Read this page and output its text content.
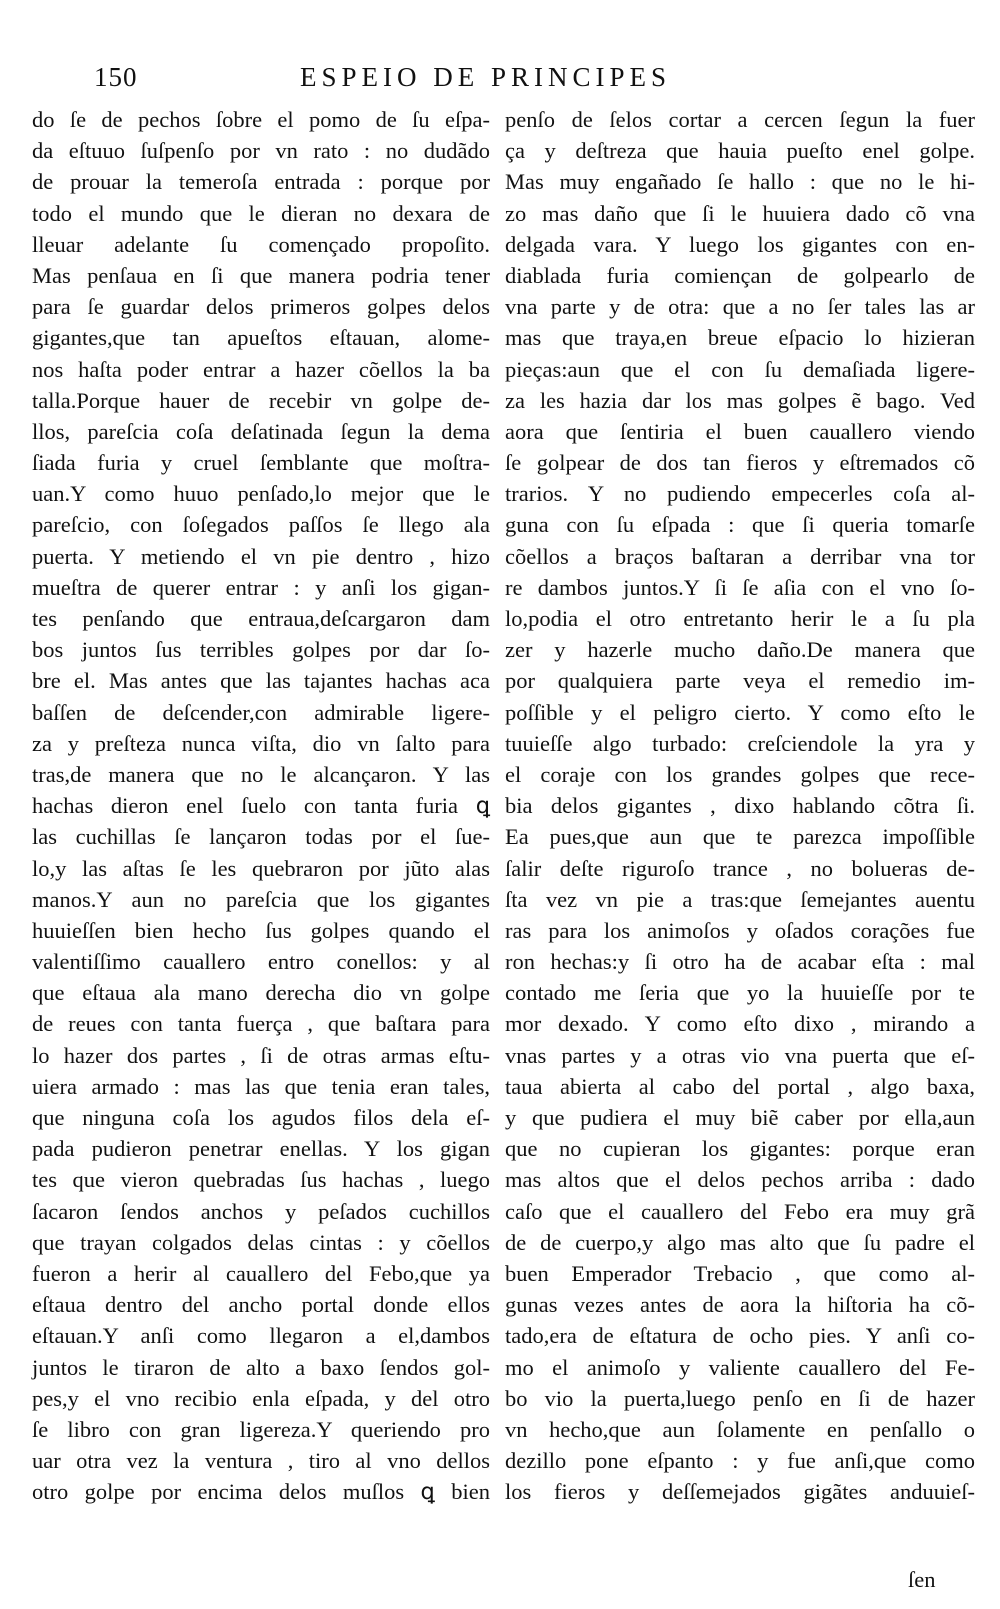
150	ESPEIO DE PRINCIPES
do ſe de pechos ſobre el pomo de ſu eſpa-
da eſtuuo ſuſpenſo por vn rato : no dudãdo
de prouar la temeroſa entrada : porque por
todo el mundo que le dieran no dexara de
lleuar adelante ſu començado propoſito.
Mas penſaua en ſi que manera podria tener
para ſe guardar delos primeros golpes delos
gigantes,que tan apueſtos eſtauan, alome-
nos haſta poder entrar a hazer cõellos la ba
talla.Porque hauer de recebir vn golpe de-
llos, pareſcia coſa deſatinada ſegun la dema
ſiada furia y cruel ſemblante que moſtra-
uan.Y como huuo penſado,lo mejor que le
pareſcio, con ſoſegados paſſos ſe llego ala
puerta. Y metiendo el vn pie dentro , hizo
mueſtra de querer entrar : y anſi los gigan-
tes penſando que entraua,deſcargaron dam
bos juntos ſus terribles golpes por dar ſo-
bre el. Mas antes que las tajantes hachas aca
baſſen de deſcender,con admirable ligere-
za y preſteza nunca viſta, dio vn ſalto para
tras,de manera que no le alcançaron. Y las
hachas dieron enel ſuelo con tanta furia ꝗ
las cuchillas ſe lançaron todas por el ſue-
lo,y las aſtas ſe les quebraron por jũto alas
manos.Y aun no pareſcia que los gigantes
huuieſſen bien hecho ſus golpes quando el
valentiſſimo cauallero entro conellos: y al
que eſtaua ala mano derecha dio vn golpe
de reues con tanta fuerça , que baſtara para
lo hazer dos partes , ſi de otras armas eſtu-
uiera armado : mas las que tenia eran tales,
que ninguna coſa los agudos filos dela eſ-
pada pudieron penetrar enellas. Y los gigan
tes que vieron quebradas ſus hachas , luego
ſacaron ſendos anchos y peſados cuchillos
que trayan colgados delas cintas : y cõellos
fueron a herir al cauallero del Febo,que ya
eſtaua dentro del ancho portal donde ellos
eſtauan.Y anſi como llegaron a el,dambos
juntos le tiraron de alto a baxo ſendos gol-
pes,y el vno recibio enla eſpada, y del otro
ſe libro con gran ligereza.Y queriendo pro
uar otra vez la ventura , tiro al vno dellos
otro golpe por encima delos muſlos ꝗ bien
penſo de ſelos cortar a cercen ſegun la fuer
ça y deſtreza que hauia pueſto enel golpe.
Mas muy engañado ſe hallo : que no le hi-
zo mas daño que ſi le huuiera dado cõ vna
delgada vara. Y luego los gigantes con en-
diablada furia comiençan de golpearlo de
vna parte y de otra: que a no ſer tales las ar
mas que traya,en breue eſpacio lo hizieran
pieças:aun que el con ſu demaſiada ligere-
za les hazia dar los mas golpes ẽ bago. Ved
aora que ſentiria el buen cauallero viendo
ſe golpear de dos tan fieros y eſtremados cõ
trarios. Y no pudiendo empecerles coſa al-
guna con ſu eſpada : que ſi queria tomarſe
cõellos a braços baſtaran a derribar vna tor
re dambos juntos.Y ſi ſe aſia con el vno ſo-
lo,podia el otro entretanto herir le a ſu pla
zer y hazerle mucho daño.De manera que
por qualquiera parte veya el remedio im-
poſſible y el peligro cierto. Y como eſto le
tuuieſſe algo turbado: creſciendole la yra y
el coraje con los grandes golpes que rece-
bia delos gigantes , dixo hablando cõtra ſi.
Ea pues,que aun que te parezca impoſſible
ſalir deſte riguroſo trance , no bolueras de-
ſta vez vn pie a tras:que ſemejantes auentu
ras para los animoſos y oſados corações fue
ron hechas:y ſi otro ha de acabar eſta : mal
contado me ſeria que yo la huuieſſe por te
mor dexado. Y como eſto dixo , mirando a
vnas partes y a otras vio vna puerta que eſ-
taua abierta al cabo del portal , algo baxa,
y que pudiera el muy biẽ caber por ella,aun
que no cupieran los gigantes: porque eran
mas altos que el delos pechos arriba : dado
caſo que el cauallero del Febo era muy grã
de de cuerpo,y algo mas alto que ſu padre el
buen Emperador Trebacio , que como al-
gunas vezes antes de aora la hiſtoria ha cõ-
tado,era de eſtatura de ocho pies. Y anſi co-
mo el animoſo y valiente cauallero del Fe-
bo vio la puerta,luego penſo en ſi de hazer
vn hecho,que aun ſolamente en penſallo o
dezillo pone eſpanto : y fue anſi,que como
los fieros y deſſemejados gigãtes anduuieſ-
ſen
